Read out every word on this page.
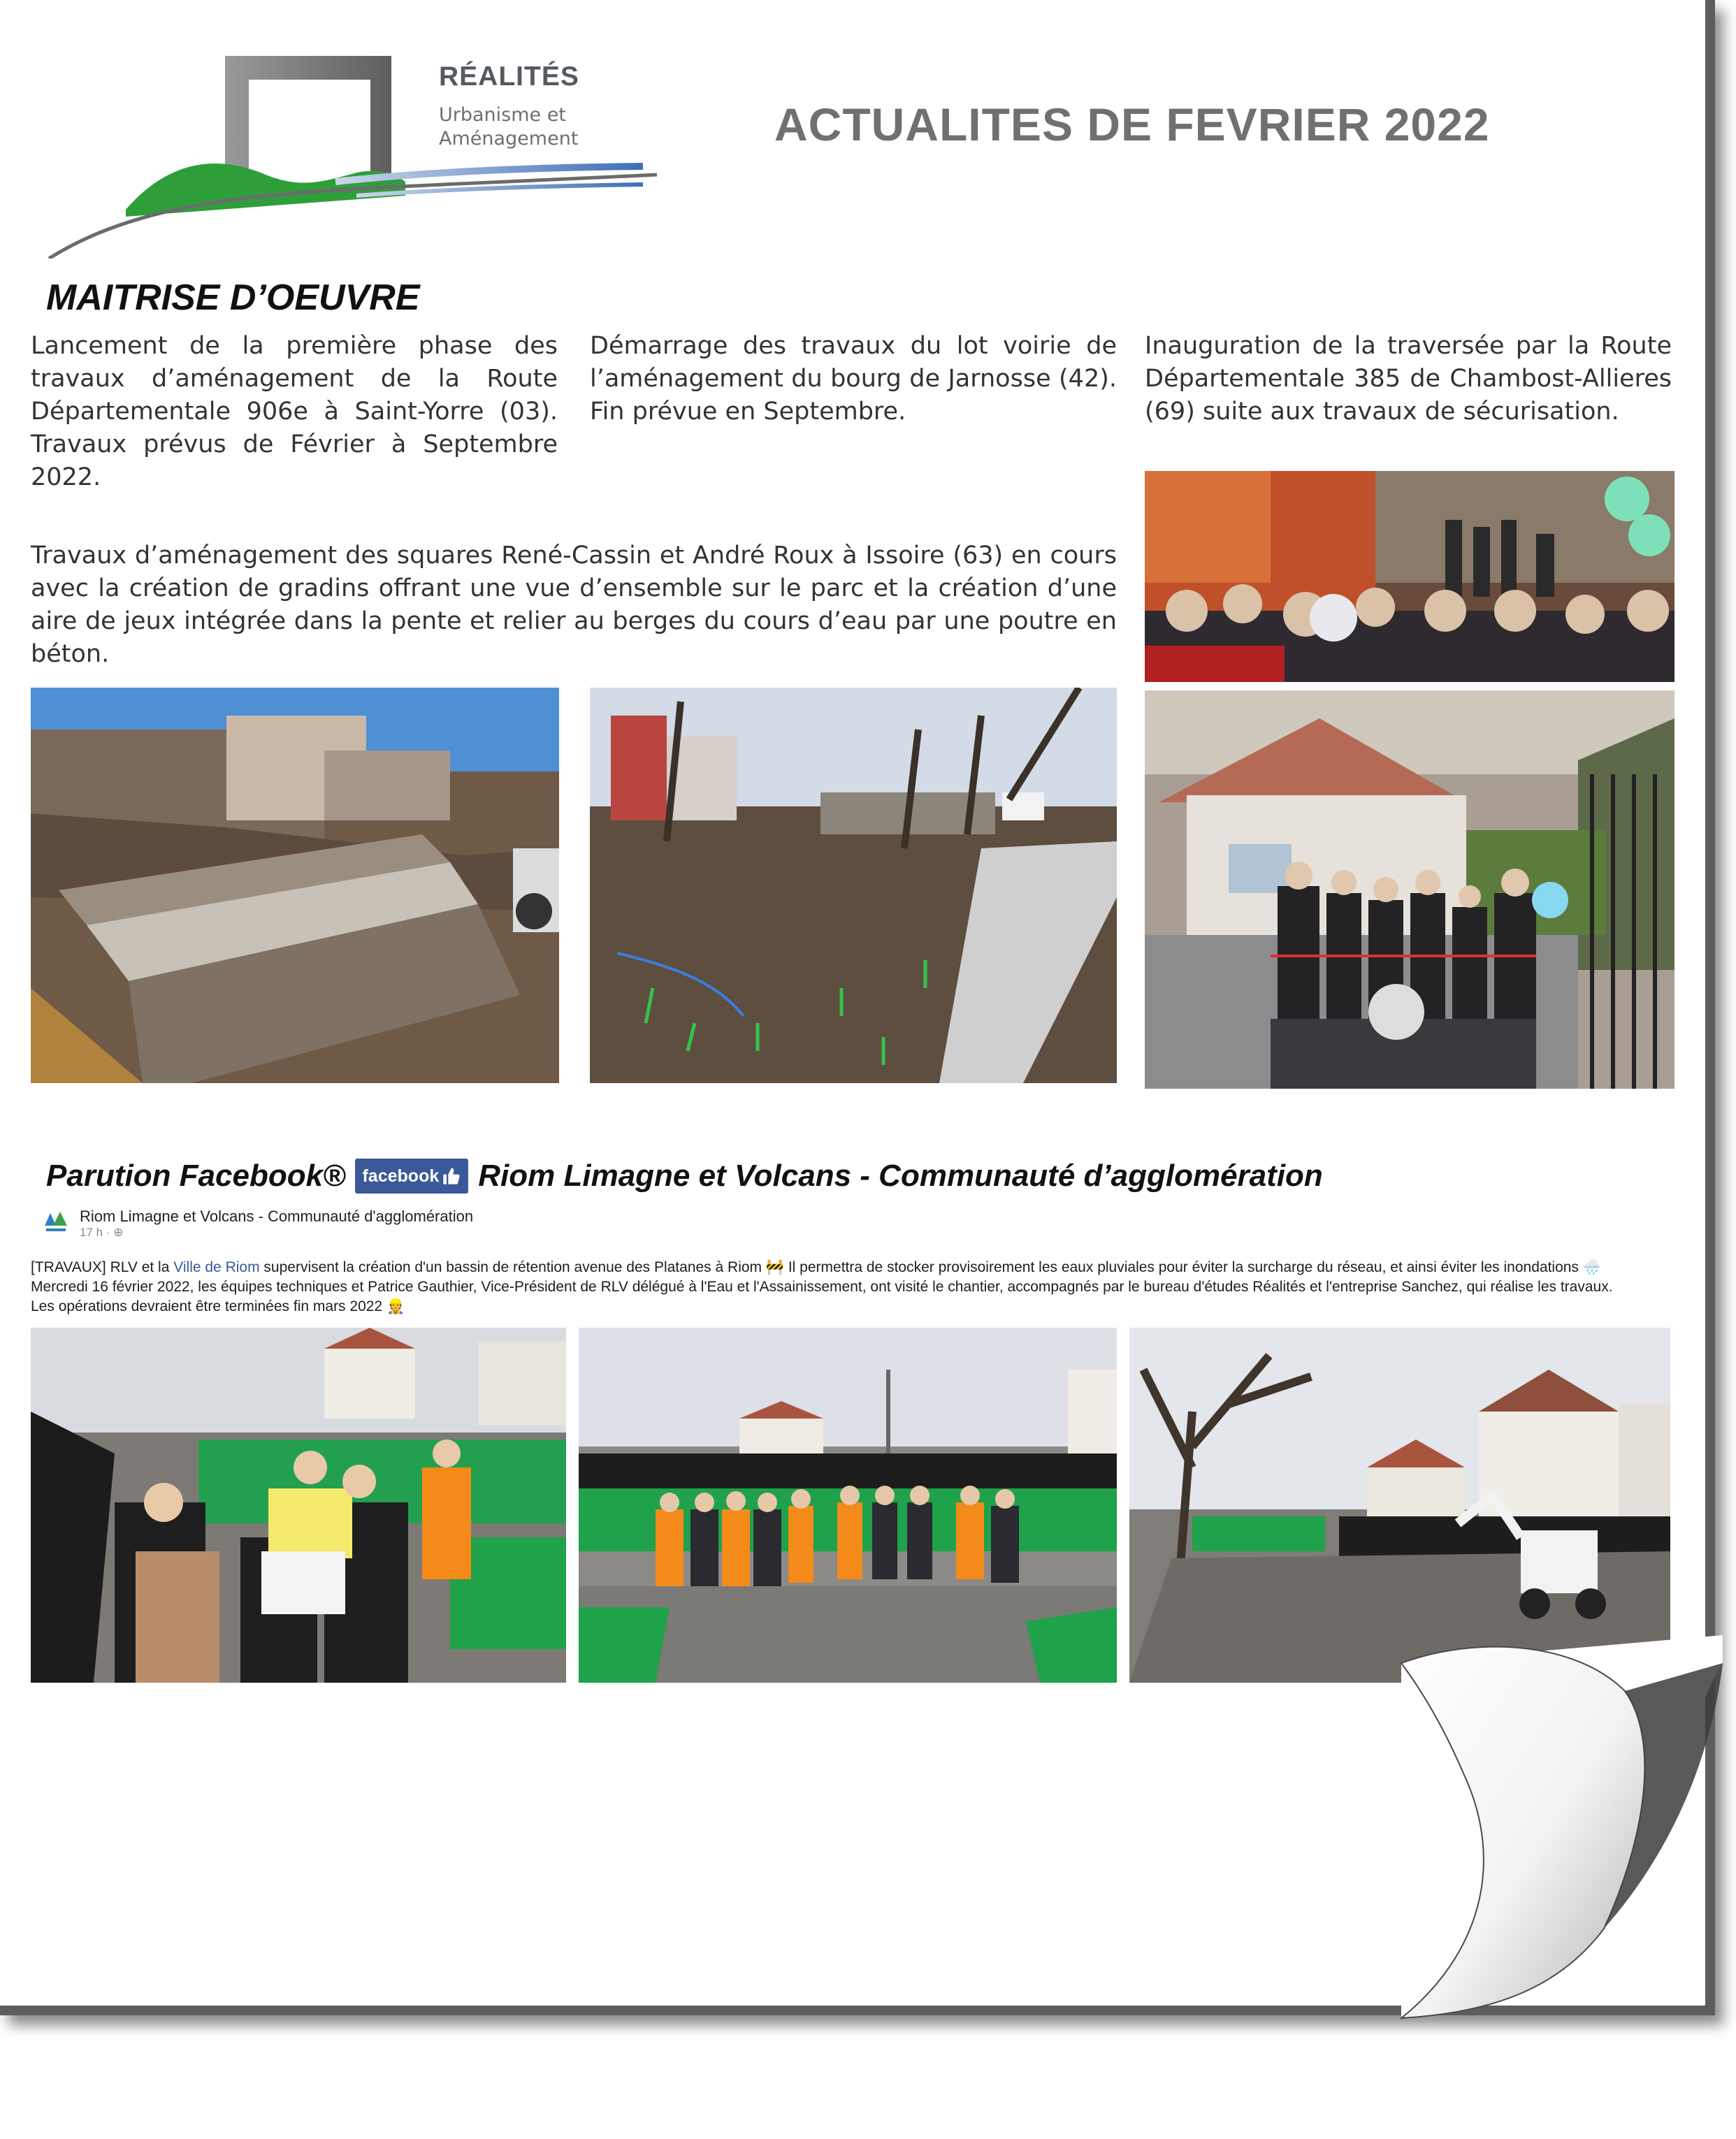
RÉALITÉS
Urbanisme et
Aménagement	ACTUALITES DE FEVRIER 2022
MAITRISE D’OEUVRE

Lancement de la première phase des travaux d’aménagement de la Route Départementale 906e à Saint-Yorre (03). Travaux prévus de Février à Septembre 2022.

Démarrage des travaux du lot voirie de l’aménagement du bourg de Jarnosse (42). Fin prévue en Septembre.

Inauguration de la traversée par la Route Départementale 385 de Chambost-Allieres (69) suite aux travaux de sécurisation.

Travaux d’aménagement des squares René-Cassin et André Roux à Issoire (63) en cours avec la création de gradins offrant une vue d’ensemble sur le parc et la création d’une aire de jeux intégrée dans la pente et relier au berges du cours d’eau par une poutre en béton.

Parution Facebook® facebook Riom Limagne et Volcans - Communauté d’agglomération
Riom Limagne et Volcans - Communauté d'agglomération
17 h · ⊕
[TRAVAUX] RLV et la Ville de Riom supervisent la création d'un bassin de rétention avenue des Platanes à Riom 🚧 Il permettra de stocker provisoirement les eaux pluviales pour éviter la surcharge du réseau, et ainsi éviter les inondations 🌧️
Mercredi 16 février 2022, les équipes techniques et Patrice Gauthier, Vice-Président de RLV délégué à l'Eau et l'Assainissement, ont visité le chantier, accompagnés par le bureau d'études Réalités et l'entreprise Sanchez, qui réalise les travaux.
Les opérations devraient être terminées fin mars 2022 👷
